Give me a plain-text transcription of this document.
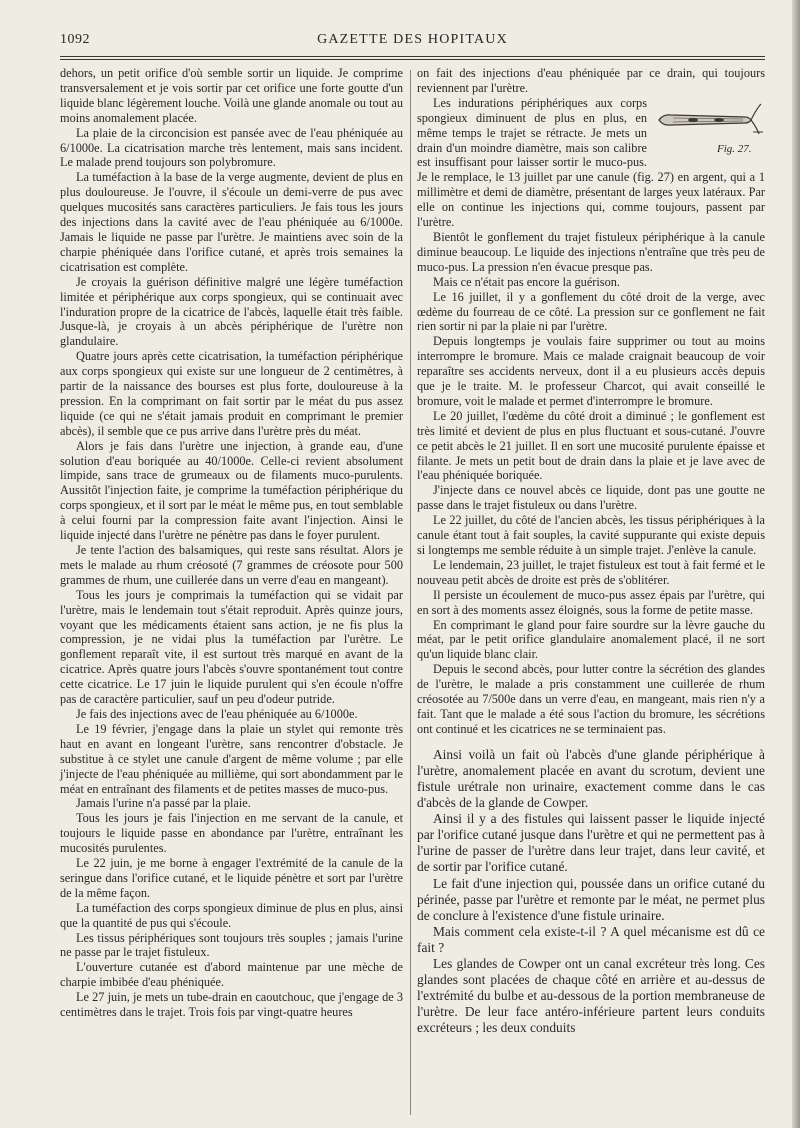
1092	GAZETTE DES HOPITAUX

dehors, un petit orifice d'où semble sortir un liquide. Je comprime transversalement et je vois sortir par cet orifice une forte goutte d'un liquide blanc légèrement louche. Voilà une glande anomale ou tout au moins anomalement placée.

La plaie de la circoncision est pansée avec de l'eau phéniquée au 6/1000e. La cicatrisation marche très lentement, mais sans incident. Le malade prend toujours son polybromure.

La tuméfaction à la base de la verge augmente, devient de plus en plus douloureuse. Je l'ouvre, il s'écoule un demi-verre de pus avec quelques mucosités sans caractères particuliers. Je fais tous les jours des injections dans la cavité avec de l'eau phéniquée au 6/1000e. Jamais le liquide ne passe par l'urètre. Je maintiens avec soin de la charpie phéniquée dans l'orifice cutané, et après trois semaines la cicatrisation est complète.

Je croyais la guérison définitive malgré une légère tuméfaction limitée et périphérique aux corps spongieux, qui se continuait avec l'induration propre de la cicatrice de l'abcès, laquelle était très faible. Jusque-là, je croyais à un abcès périphérique de l'urètre non glandulaire.

Quatre jours après cette cicatrisation, la tuméfaction périphérique aux corps spongieux qui existe sur une longueur de 2 centimètres, à partir de la naissance des bourses est plus forte, douloureuse à la pression. En la comprimant on fait sortir par le méat du pus assez liquide (ce qui ne s'était jamais produit en comprimant le premier abcès), il semble que ce pus arrive dans l'urètre près du méat.

Alors je fais dans l'urètre une injection, à grande eau, d'une solution d'eau boriquée au 40/1000e. Celle-ci revient absolument limpide, sans trace de grumeaux ou de filaments muco-purulents. Aussitôt l'injection faite, je comprime la tuméfaction périphérique du corps spongieux, et il sort par le méat le même pus, en tout semblable à celui fourni par la compression faite avant l'injection. Ainsi le liquide injecté dans l'urètre ne pénètre pas dans le foyer purulent.

Je tente l'action des balsamiques, qui reste sans résultat. Alors je mets le malade au rhum créosoté (7 grammes de créosote pour 500 grammes de rhum, une cuillerée dans un verre d'eau en mangeant).

Tous les jours je comprimais la tuméfaction qui se vidait par l'urètre, mais le lendemain tout s'était reproduit. Après quinze jours, voyant que les médicaments étaient sans action, je ne fis plus la compression, je ne vidai plus la tuméfaction par l'urètre. Le gonflement reparaît vite, il est surtout très marqué en avant de la cicatrice. Après quatre jours l'abcès s'ouvre spontanément tout contre cette cicatrice. Le 17 juin le liquide purulent qui s'en écoule n'offre pas de caractère particulier, sauf un peu d'odeur putride.

Je fais des injections avec de l'eau phéniquée au 6/1000e.

Le 19 février, j'engage dans la plaie un stylet qui remonte très haut en avant en longeant l'urètre, sans rencontrer d'obstacle. Je substitue à ce stylet une canule d'argent de même volume ; par elle j'injecte de l'eau phéniquée au millième, qui sort abondamment par le méat en entraînant des filaments et de petites masses de muco-pus.

Jamais l'urine n'a passé par la plaie.

Tous les jours je fais l'injection en me servant de la canule, et toujours le liquide passe en abondance par l'urètre, entraînant les mucosités purulentes.

Le 22 juin, je me borne à engager l'extrémité de la canule de la seringue dans l'orifice cutané, et le liquide pénètre et sort par l'urètre de la même façon.

La tuméfaction des corps spongieux diminue de plus en plus, ainsi que la quantité de pus qui s'écoule.

Les tissus périphériques sont toujours très souples ; jamais l'urine ne passe par le trajet fistuleux.

L'ouverture cutanée est d'abord maintenue par une mèche de charpie imbibée d'eau phéniquée.

Le 27 juin, je mets un tube-drain en caoutchouc, que j'engage de 3 centimètres dans le trajet. Trois fois par vingt-quatre heures

on fait des injections d'eau phéniquée par ce drain, qui toujours reviennent par l'urètre.

Fig. 27.
Les indurations périphériques aux corps spongieux diminuent de plus en plus, en même temps le trajet se rétracte. Je mets un drain d'un moindre diamètre, mais son calibre est insuffisant pour laisser sortir le muco-pus. Je le remplace, le 13 juillet par une canule (fig. 27) en argent, qui a 1 millimètre et demi de diamètre, présentant de larges yeux latéraux. Par elle on continue les injections qui, comme toujours, passent par l'urètre.

Bientôt le gonflement du trajet fistuleux périphérique à la canule diminue beaucoup. Le liquide des injections n'entraîne que très peu de muco-pus. La pression n'en évacue presque pas.

Mais ce n'était pas encore la guérison.

Le 16 juillet, il y a gonflement du côté droit de la verge, avec œdème du fourreau de ce côté. La pression sur ce gonflement ne fait rien sortir ni par la plaie ni par l'urètre.

Depuis longtemps je voulais faire supprimer ou tout au moins interrompre le bromure. Mais ce malade craignait beaucoup de voir reparaître ses accidents nerveux, dont il a eu plusieurs accès depuis que je le traite. M. le professeur Charcot, qui avait conseillé le bromure, voit le malade et permet d'interrompre le bromure.

Le 20 juillet, l'œdème du côté droit a diminué ; le gonflement est très limité et devient de plus en plus fluctuant et sous-cutané. J'ouvre ce petit abcès le 21 juillet. Il en sort une mucosité purulente épaisse et filante. Je mets un petit bout de drain dans la plaie et je lave avec de l'eau phéniquée boriquée.

J'injecte dans ce nouvel abcès ce liquide, dont pas une goutte ne passe dans le trajet fistuleux ou dans l'urètre.

Le 22 juillet, du côté de l'ancien abcès, les tissus périphériques à la canule étant tout à fait souples, la cavité suppurante qui existe depuis si longtemps me semble réduite à un simple trajet. J'enlève la canule.

Le lendemain, 23 juillet, le trajet fistuleux est tout à fait fermé et le nouveau petit abcès de droite est près de s'oblitérer.

Il persiste un écoulement de muco-pus assez épais par l'urètre, qui en sort à des moments assez éloignés, sous la forme de petite masse.

En comprimant le gland pour faire sourdre sur la lèvre gauche du méat, par le petit orifice glandulaire anomalement placé, il ne sort qu'un liquide blanc clair.

Depuis le second abcès, pour lutter contre la sécrétion des glandes de l'urètre, le malade a pris constamment une cuillerée de rhum créosotée au 7/500e dans un verre d'eau, en mangeant, mais rien n'y a fait. Tant que le malade a été sous l'action du bromure, les sécrétions ont continué et les cicatrices ne se terminaient pas.

Ainsi voilà un fait où l'abcès d'une glande périphérique à l'urètre, anomalement placée en avant du scrotum, devient une fistule urétrale non urinaire, exactement comme dans le cas d'abcès de la glande de Cowper.

Ainsi il y a des fistules qui laissent passer le liquide injecté par l'orifice cutané jusque dans l'urètre et qui ne permettent pas à l'urine de passer de l'urètre dans leur trajet, dans leur cavité, et de sortir par l'orifice cutané.

Le fait d'une injection qui, poussée dans un orifice cutané du périnée, passe par l'urètre et remonte par le méat, ne permet plus de conclure à l'existence d'une fistule urinaire.

Mais comment cela existe-t-il ? A quel mécanisme est dû ce fait ?

Les glandes de Cowper ont un canal excréteur très long. Ces glandes sont placées de chaque côté en arrière et au-dessus de l'extrémité du bulbe et au-dessous de la portion membraneuse de l'urètre. De leur face antéro-inférieure partent leurs conduits excréteurs ; les deux conduits
